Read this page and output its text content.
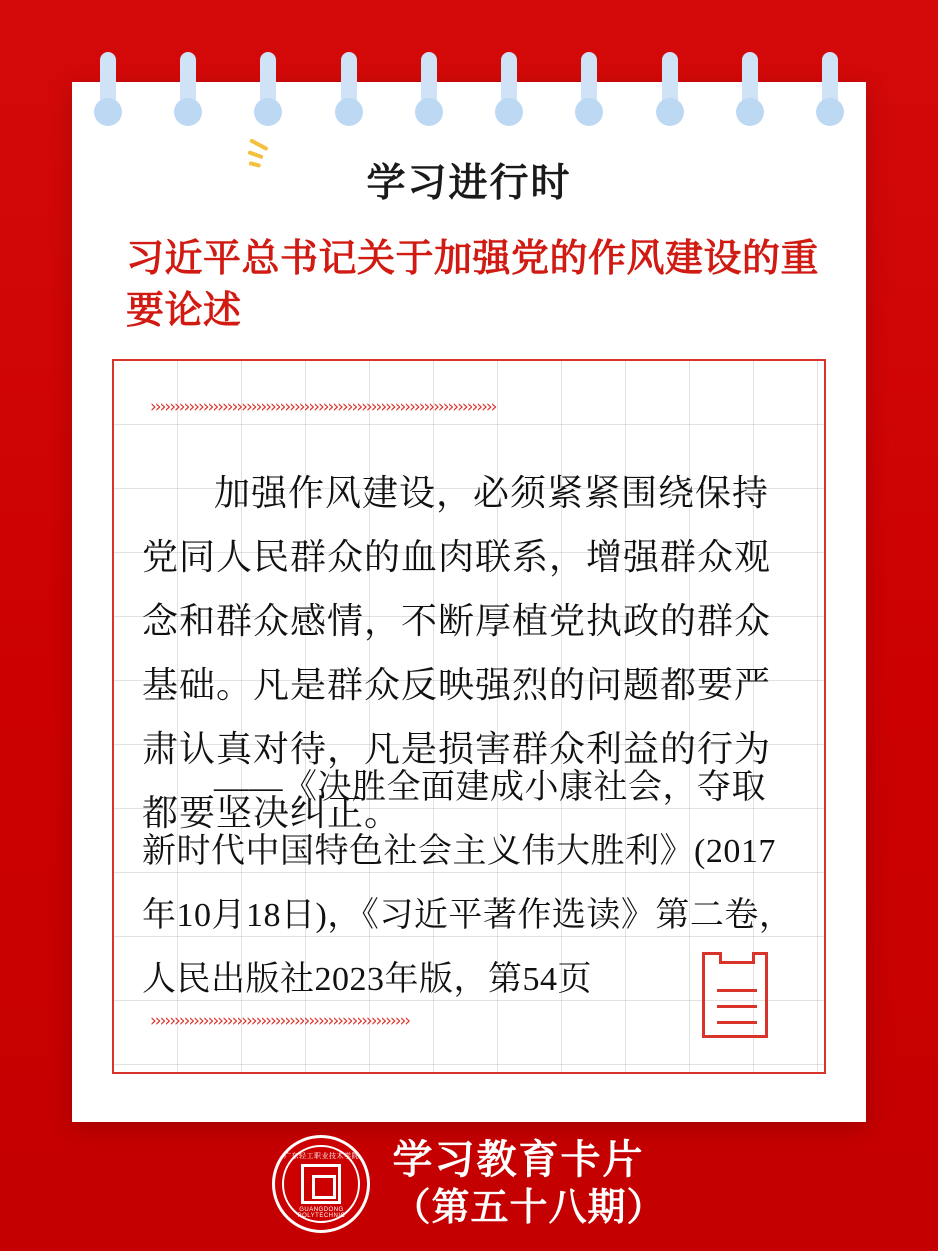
学习进行时
习近平总书记关于加强党的作风建设的重要论述
››››››››››››››››››››››››››››››››››››››››››››››››››››››››››››››››››››››››
加强作风建设，必须紧紧围绕保持党同人民群众的血肉联系，增强群众观念和群众感情，不断厚植党执政的群众基础。凡是群众反映强烈的问题都要严肃认真对待，凡是损害群众利益的行为都要坚决纠正。
——《决胜全面建成小康社会，夺取新时代中国特色社会主义伟大胜利》(2017年10月18日)，《习近平著作选读》第二卷，人民出版社2023年版，第54页
››››››››››››››››››››››››››››››››››››››››››››››››››››››
广东轻工职业技术学院
GUANGDONG POLYTECHNIC
学习教育卡片
（第五十八期）
